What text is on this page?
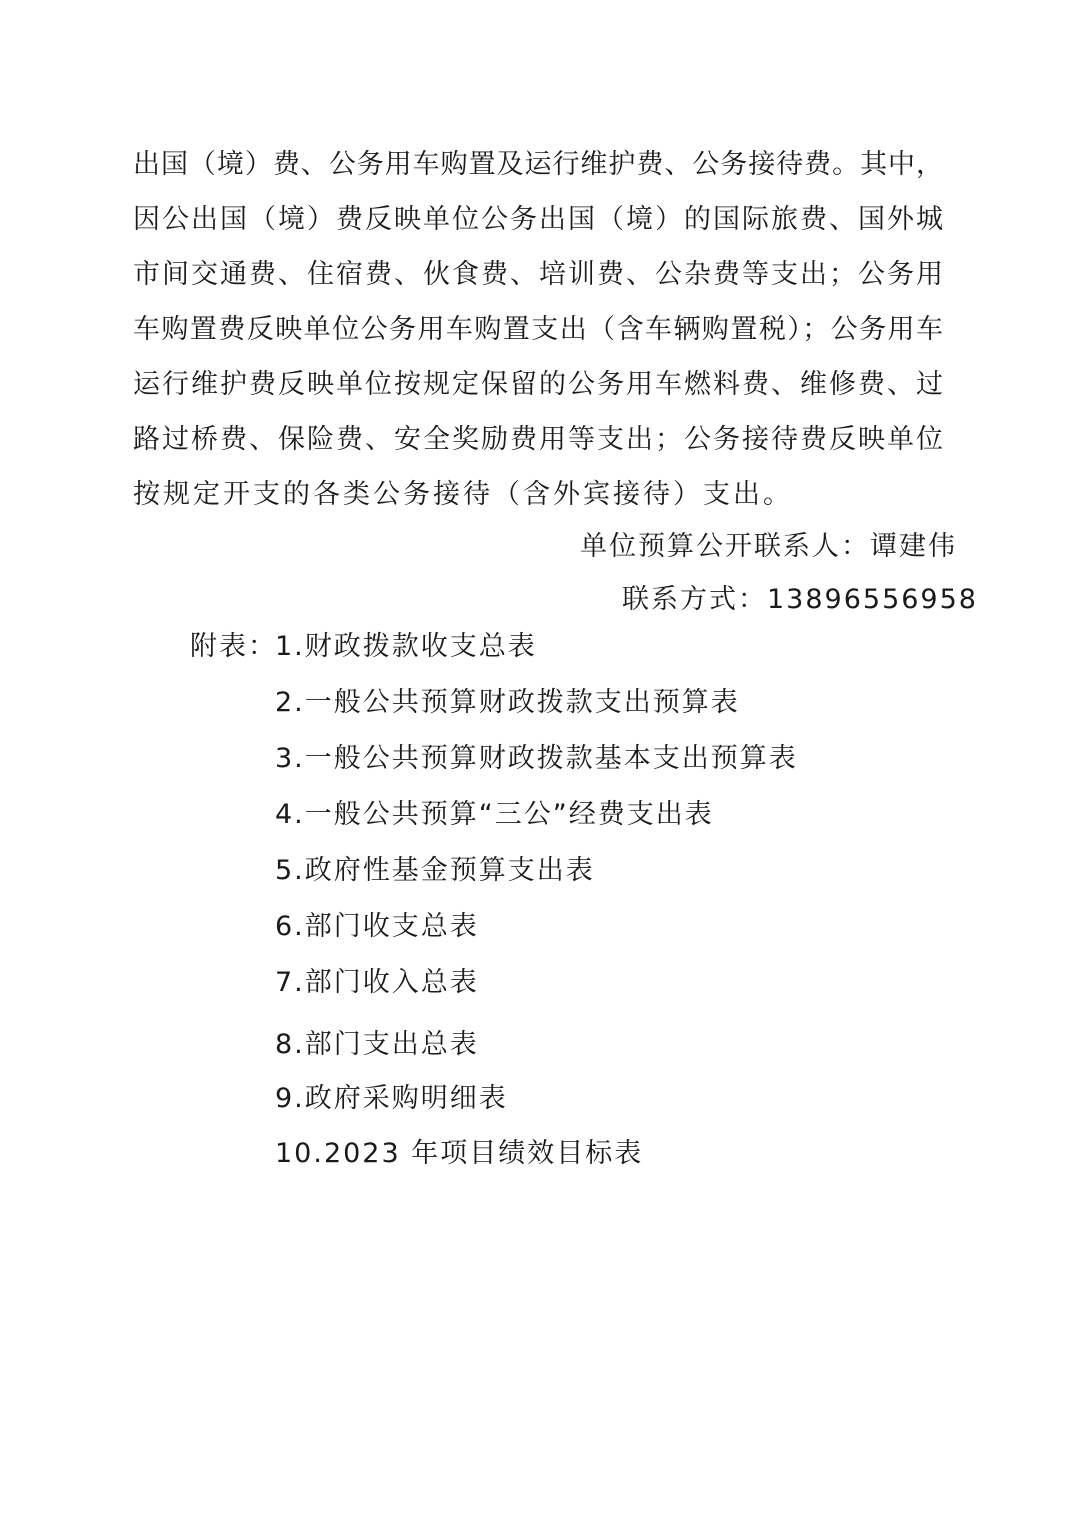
出国（境）费、公务用车购置及运行维护费、公务接待费。其中，
因公出国（境）费反映单位公务出国（境）的国际旅费、国外城
市间交通费、住宿费、伙食费、培训费、公杂费等支出；公务用
车购置费反映单位公务用车购置支出（含车辆购置税）；公务用车
运行维护费反映单位按规定保留的公务用车燃料费、维修费、过
路过桥费、保险费、安全奖励费用等支出；公务接待费反映单位
按规定开支的各类公务接待（含外宾接待）支出。
单位预算公开联系人：谭建伟
联系方式：13896556958
附表：
1.财政拨款收支总表
2.一般公共预算财政拨款支出预算表
3.一般公共预算财政拨款基本支出预算表
4.一般公共预算“三公”经费支出表
5.政府性基金预算支出表
6.部门收支总表
7.部门收入总表
8.部门支出总表
9.政府采购明细表
10.2023 年项目绩效目标表
